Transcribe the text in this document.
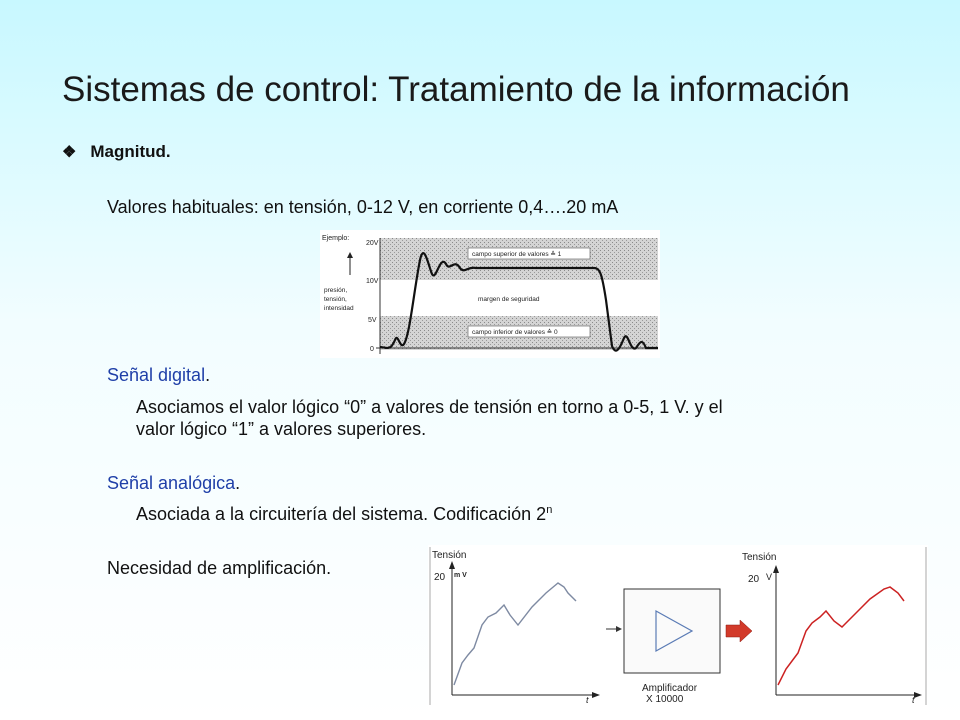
Sistemas de control: Tratamiento de la información
❖ Magnitud.
Valores habituales: en tensión, 0-12 V, en corriente 0,4….20 mA
Ejemplo:
presión,
tensión,
intensidad
20V
10V
5V
0
campo superior de valores ≙ 1
margen de seguridad
campo inferior de valores ≙ 0
Señal digital.
Asociamos el valor lógico “0” a valores de tensión en torno a 0-5, 1 V. y el valor lógico “1” a valores superiores.
Señal analógica.
Asociada a la circuitería del sistema. Codificación 2$^n$
Necesidad de amplificación.
Tensión
20 m V
t
Amplificador
X 10000
Tensión
20 V
t
